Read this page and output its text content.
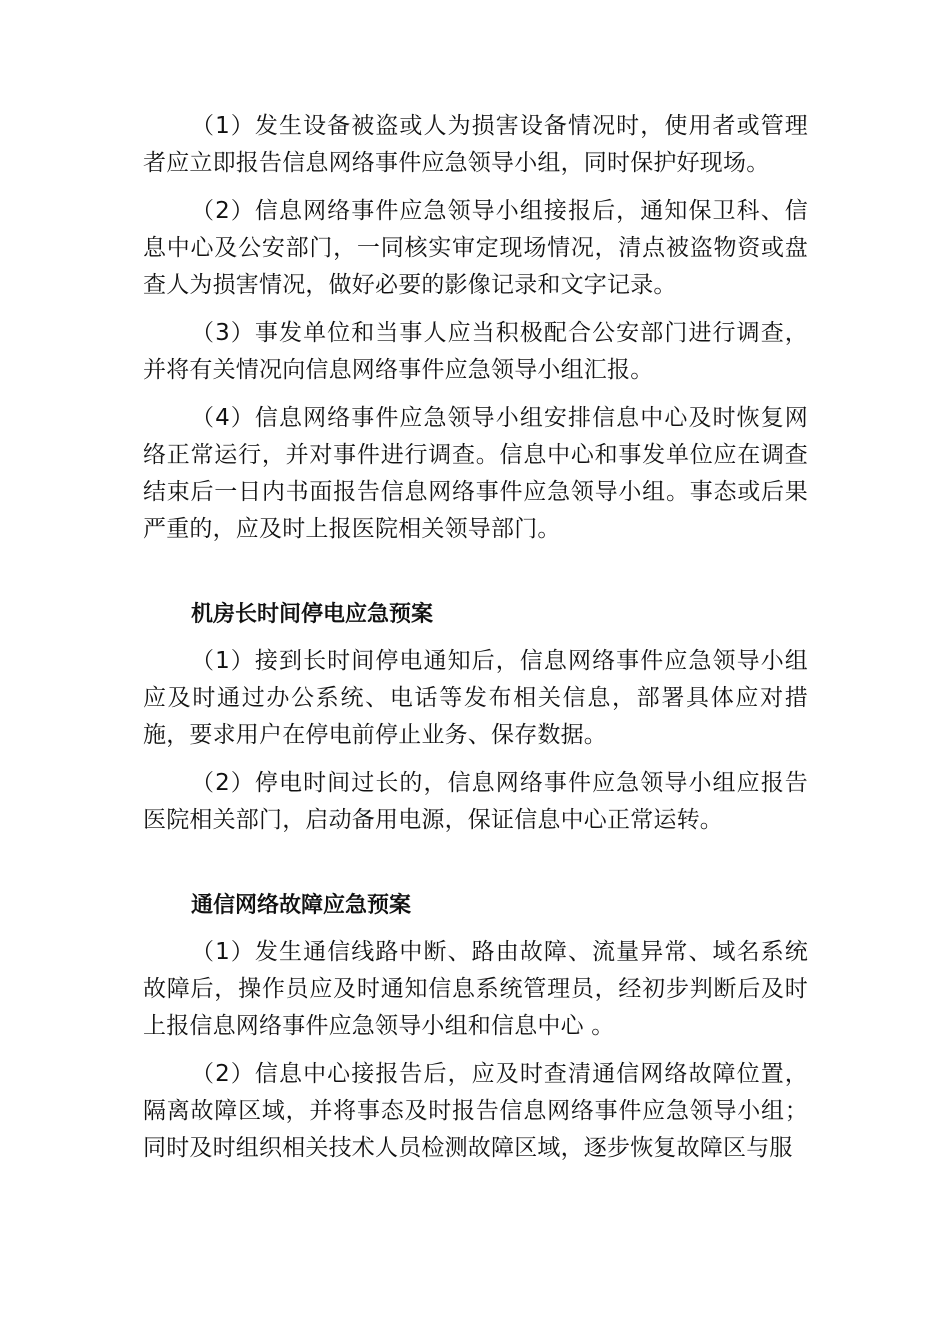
（1）发生设备被盗或人为损害设备情况时，使用者或管理者应立即报告信息网络事件应急领导小组，同时保护好现场。

（2）信息网络事件应急领导小组接报后，通知保卫科、信息中心及公安部门，一同核实审定现场情况，清点被盗物资或盘查人为损害情况，做好必要的影像记录和文字记录。

（3）事发单位和当事人应当积极配合公安部门进行调查，并将有关情况向信息网络事件应急领导小组汇报。

（4）信息网络事件应急领导小组安排信息中心及时恢复网络正常运行，并对事件进行调查。信息中心和事发单位应在调查结束后一日内书面报告信息网络事件应急领导小组。事态或后果严重的，应及时上报医院相关领导部门。

机房长时间停电应急预案

（1）接到长时间停电通知后，信息网络事件应急领导小组应及时通过办公系统、电话等发布相关信息，部署具体应对措施，要求用户在停电前停止业务、保存数据。

（2）停电时间过长的，信息网络事件应急领导小组应报告医院相关部门，启动备用电源，保证信息中心正常运转。

通信网络故障应急预案

（1）发生通信线路中断、路由故障、流量异常、域名系统故障后，操作员应及时通知信息系统管理员，经初步判断后及时上报信息网络事件应急领导小组和信息中心 。

（2）信息中心接报告后，应及时查清通信网络故障位置，隔离故障区域，并将事态及时报告信息网络事件应急领导小组；同时及时组织相关技术人员检测故障区域，逐步恢复故障区与服
